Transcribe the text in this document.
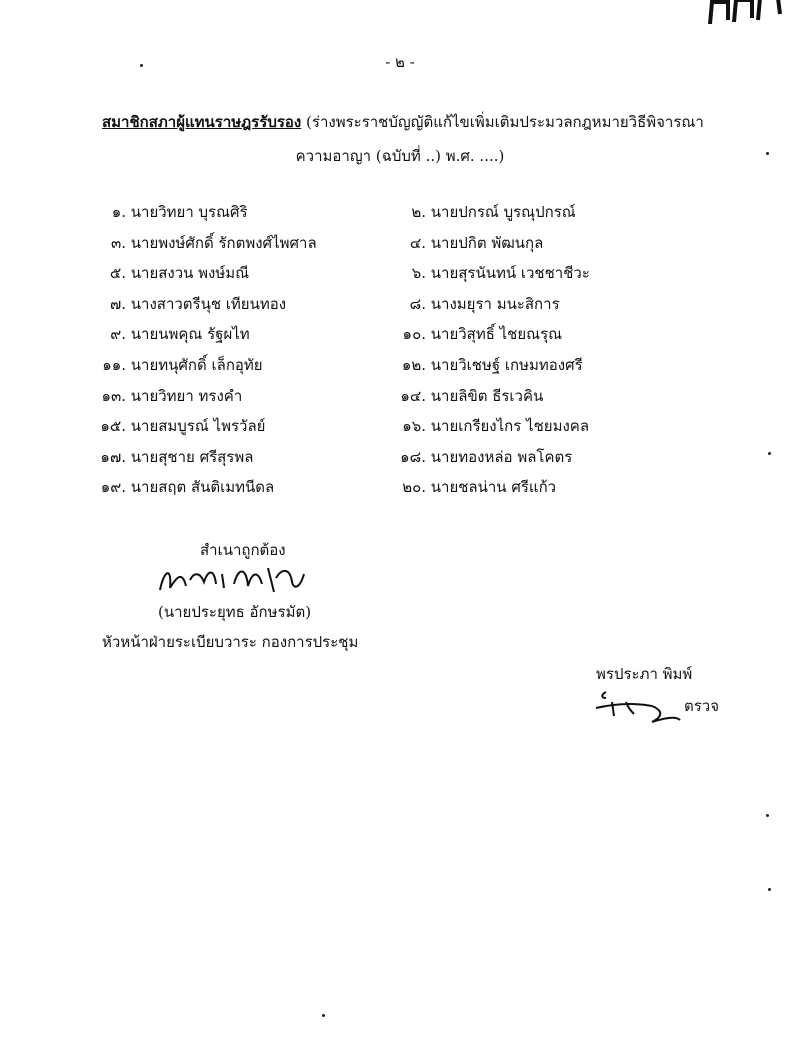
- ๒ -
สมาชิกสภาผู้แทนราษฎรรับรอง (ร่างพระราชบัญญัติแก้ไขเพิ่มเติมประมวลกฎหมายวิธีพิจารณา
ความอาญา (ฉบับที่ ..) พ.ศ. ....)
๑. นายวิทยา บุรณศิริ	๒. นายปกรณ์ บูรณุปกรณ์
๓. นายพงษ์ศักดิ์ รักตพงศ์ไพศาล	๔. นายปกิต พัฒนกุล
๕. นายสงวน พงษ์มณี	๖. นายสุรนันทน์ เวชชาชีวะ
๗. นางสาวตรีนุช เทียนทอง	๘. นางมยุรา มนะสิการ
๙. นายนพคุณ รัฐผไท	๑๐. นายวิสุทธิ์ ไชยณรุณ
๑๑. นายทนุศักดิ์ เล็กอุทัย	๑๒. นายวิเชษฐ์ เกษมทองศรี
๑๓. นายวิทยา ทรงคำ	๑๔. นายลิขิต ธีรเวคิน
๑๕. นายสมบูรณ์ ไพรวัลย์	๑๖. นายเกรียงไกร ไชยมงคล
๑๗. นายสุชาย ศรีสุรพล	๑๘. นายทองหล่อ พลโคตร
๑๙. นายสฤต สันติเมทนีดล	๒๐. นายชลน่าน ศรีแก้ว
สำเนาถูกต้อง
(นายประยุทธ อักษรมัต)
หัวหน้าฝ่ายระเบียบวาระ กองการประชุม
พรประภา พิมพ์
ตรวจ
